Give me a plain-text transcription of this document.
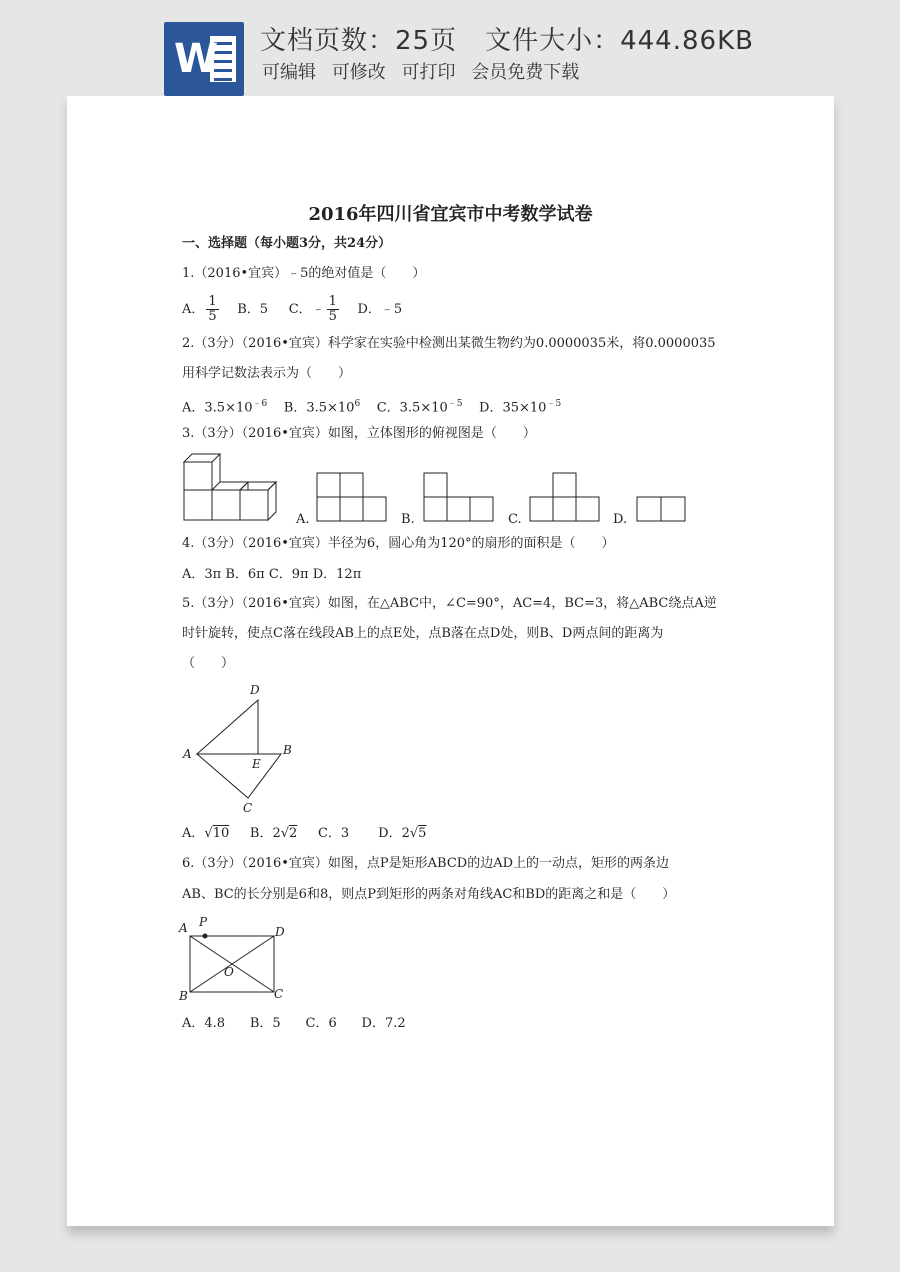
W 文档页数：25页 文件大小：444.86KB
可编辑 可修改 可打印 会员免费下载
2016年四川省宜宾市中考数学试卷
一、选择题（每小题3分，共24分）
1.（2016•宜宾）﹣5的绝对值是（　　）
A． $\frac{1}{5}$ B．5 C．﹣ $\frac{1}{5}$ D．﹣5
2.（3分）（2016•宜宾）科学家在实验中检测出某微生物约为0.0000035米，将0.0000035
用科学记数法表示为（　　）
A．$3.5\times 10^{﹣6}$ B．$3.5\times 10^6$ C．$3.5\times 10^{﹣5}$ D．$35\times 10^{﹣5}$
3.（3分）（2016•宜宾）如图，立体图形的俯视图是（　　）
A.	B.	C.	D.
4.（3分）（2016•宜宾）半径为6，圆心角为120°的扇形的面积是（　　）
A．3π B．6π C．9π D．12π
5.（3分）（2016•宜宾）如图，在△ABC中，∠C=90°，AC=4，BC=3，将△ABC绕点A逆
时针旋转，使点C落在线段AB上的点E处，点B落在点D处，则B、D两点间的距离为
（　　）
D
A
E
B
C
A．√10 B．2√2 C．3 D．2√5
6.（3分）（2016•宜宾）如图，点P是矩形ABCD的边AD上的一动点，矩形的两条边
AB、BC的长分别是6和8，则点P到矩形的两条对角线AC和BD的距离之和是（　　）
A P
D
O
B	C
A．4.8 B．5 C．6 D．7.2
